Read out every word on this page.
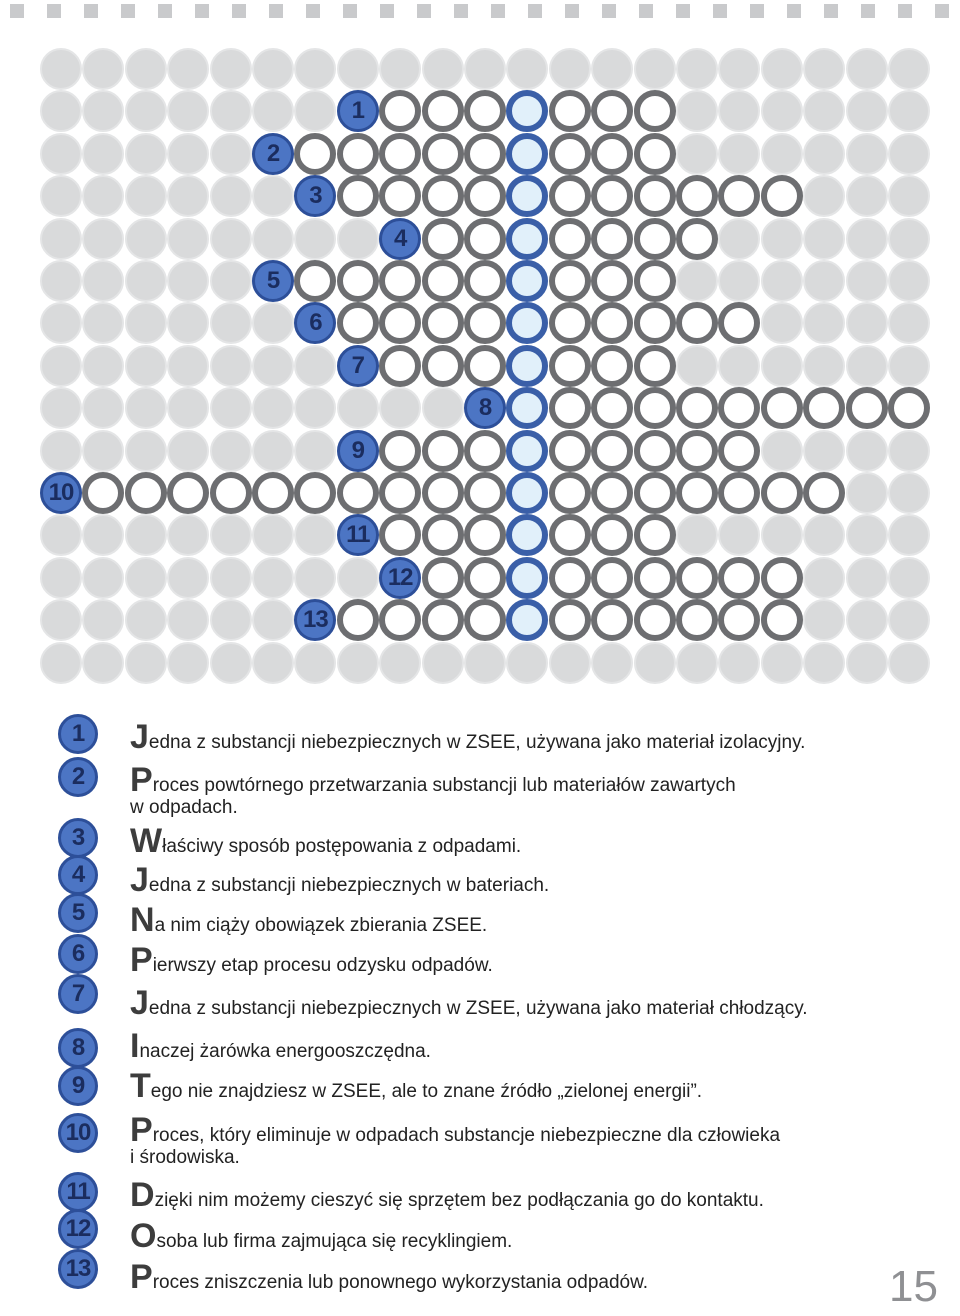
1
2
3
4
5
6
7
8
9
10
11
12
13
1	Jedna z substancji niebezpiecznych w ZSEE, używana jako materiał izolacyjny.
2	Proces powtórnego przetwarzania substancji lub materiałów zawartych
w odpadach.
3	Właściwy sposób postępowania z odpadami.
4	Jedna z substancji niebezpiecznych w bateriach.
5	Na nim ciąży obowiązek zbierania ZSEE.
6	Pierwszy etap procesu odzysku odpadów.
7	Jedna z substancji niebezpiecznych w ZSEE, używana jako materiał chłodzący.
8	Inaczej żarówka energooszczędna.
9	Tego nie znajdziesz w ZSEE, ale to znane źródło „zielonej energii”.
10 Proces, który eliminuje w odpadach substancje niebezpieczne dla człowieka
i środowiska.
11 Dzięki nim możemy cieszyć się sprzętem bez podłączania go do kontaktu.
12 Osoba lub firma zajmująca się recyklingiem.
13 Proces zniszczenia lub ponownego wykorzystania odpadów.	15
